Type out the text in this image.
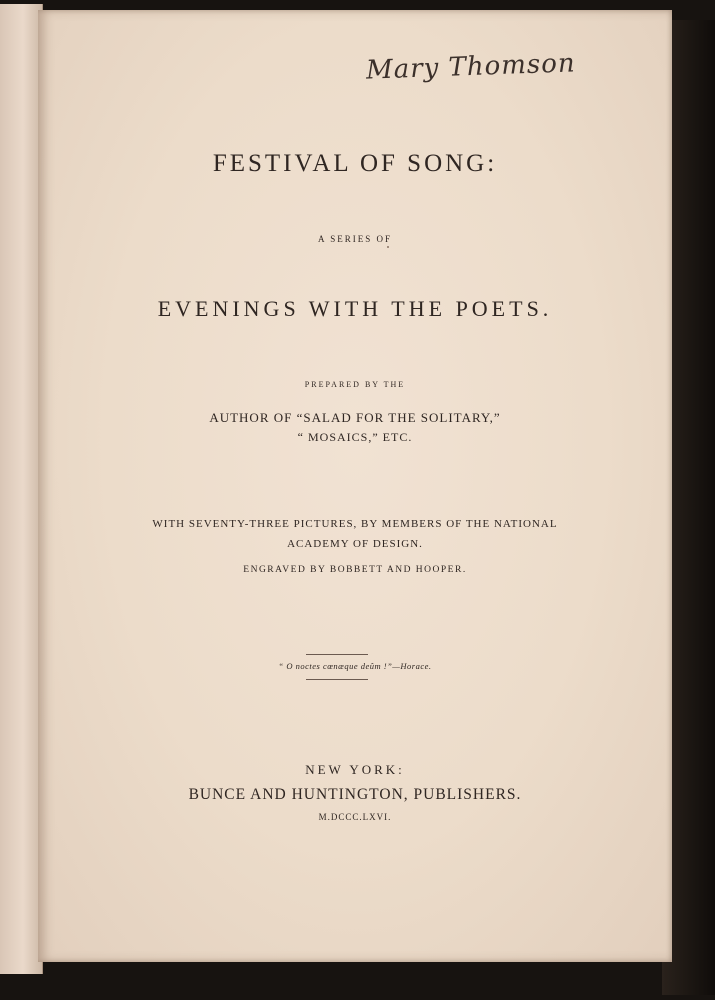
Mary Thomson
FESTIVAL OF SONG:
A SERIES OF
EVENINGS WITH THE POETS.
PREPARED BY THE
AUTHOR OF “SALAD FOR THE SOLITARY,”
“ MOSAICS,” ETC.
WITH SEVENTY-THREE PICTURES, BY MEMBERS OF THE NATIONAL
ACADEMY OF DESIGN.
ENGRAVED BY BOBBETT AND HOOPER.
“ O noctes cœnæque deûm !”—Horace.
NEW YORK:
BUNCE AND HUNTINGTON, PUBLISHERS.
M.DCCC.LXVI.
